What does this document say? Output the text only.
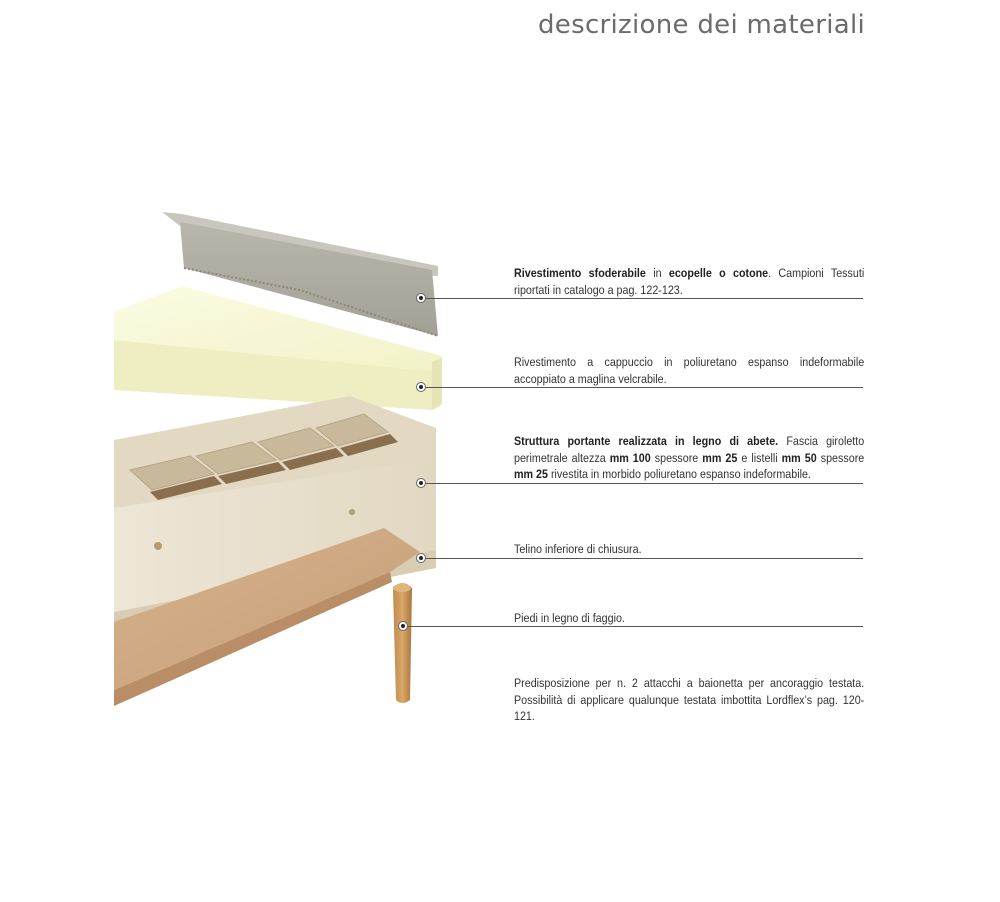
descrizione dei materiali
Rivestimento sfoderabile in ecopelle o cotone. Campioni Tessuti riportati in catalogo a pag. 122-123.
Rivestimento a cappuccio in poliuretano espanso indeformabile accoppiato a maglina velcrabile.
Struttura portante realizzata in legno di abete. Fascia giroletto perimetrale altezza mm 100 spessore mm 25 e listelli mm 50 spessore mm 25 rivestita in morbido poliuretano espanso indeformabile.
Telino inferiore di chiusura.
Piedi in legno di faggio.
Predisposizione per n. 2 attacchi a baionetta per ancoraggio testata. Possibilità di applicare qualunque testata imbottita Lordflex’s pag. 120-121.
